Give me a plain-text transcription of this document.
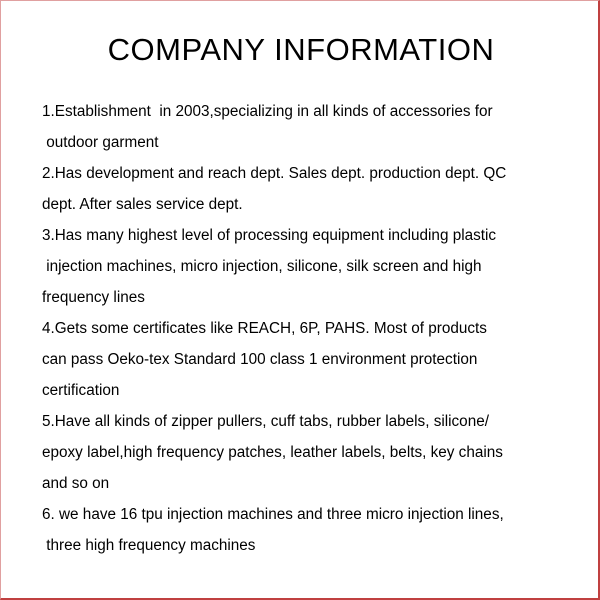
COMPANY INFORMATION
1.Establishment  in 2003,specializing in all kinds of accessories for
outdoor garment
2.Has development and reach dept. Sales dept. production dept. QC
dept. After sales service dept.
3.Has many highest level of processing equipment including plastic
injection machines, micro injection, silicone, silk screen and high
frequency lines
4.Gets some certificates like REACH, 6P, PAHS. Most of products
can pass Oeko-tex Standard 100 class 1 environment protection
certification
5.Have all kinds of zipper pullers, cuff tabs, rubber labels, silicone/
epoxy label,high frequency patches, leather labels, belts, key chains
and so on
6. we have 16 tpu injection machines and three micro injection lines,
three high frequency machines
